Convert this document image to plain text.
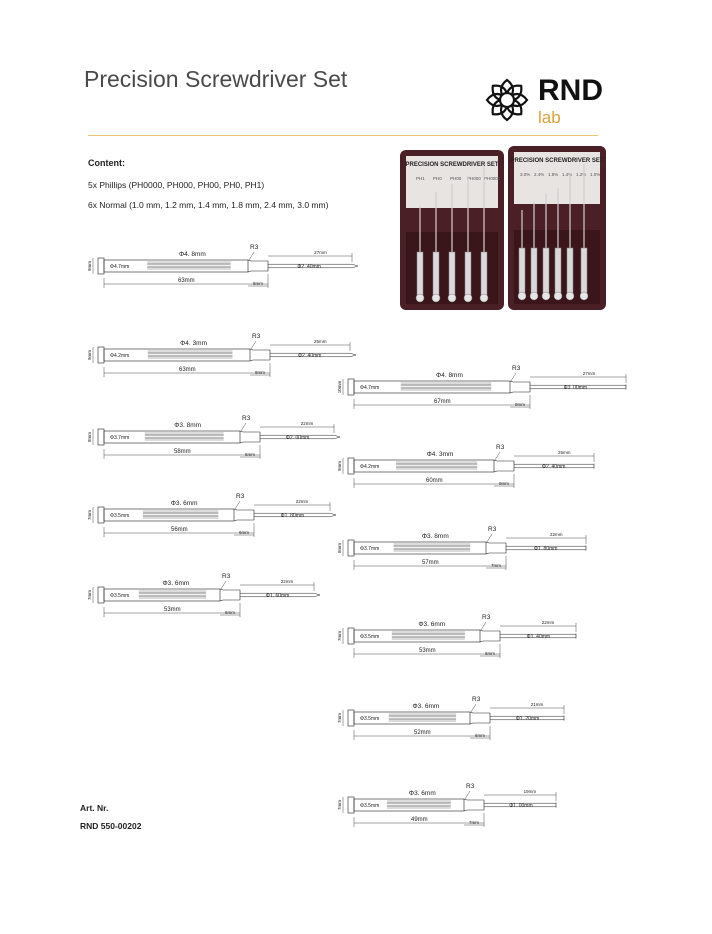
Precision Screwdriver Set	RND
lab
Content:
5x Phillips (PH0000, PH000, PH00, PH0, PH1)
6x Normal (1.0 mm, 1.2 mm, 1.4 mm, 1.8 mm, 2.4 mm, 3.0 mm)
PRECISION SCREWDRIVER SET
PH1 PH0 PH00 PH000 PH0000
PRECISION SCREWDRIVER SET
3.0% 2.4% 1.8% 1.4% 1.2% 1.0%
9mm	Φ4.7mm
Φ4. 8mm
R3
Φ2. 40mm
27mm
63mm	8mm
9mm	Φ4.2mm
Φ4. 3mm
R3
Φ2. 40mm
25mm
63mm	8mm
8mm	Φ3.7mm
Φ3. 8mm
R3
Φ2. 00mm
22mm
58mm	6mm
7mm	Φ3.5mm
Φ3. 6mm
R3
Φ1. 80mm
22mm
56mm	6mm
7mm	Φ3.5mm
Φ3. 6mm
R3
Φ1. 60mm
22mm
53mm	6mm
10mm	Φ4.7mm
Φ4. 8mm
R3
Φ3. 00mm
27mm
67mm	9mm
9mm	Φ4.2mm
Φ4. 3mm
R3
Φ2. 40mm
25mm
60mm	9mm
8mm	Φ3.7mm
Φ3. 8mm
R3
Φ1. 80mm
22mm
57mm	7mm
7mm	Φ3.5mm
Φ3. 6mm
R3
Φ1. 40mm
22mm
53mm	6mm
7mm	Φ3.5mm
Φ3. 6mm
R3
Φ1. 20mm
21mm
52mm	6mm
7mm	Φ3.5mm
Φ3. 6mm
R3
Φ1. 00mm
19mm
49mm	7mm
Art. Nr.
RND 550-00202
